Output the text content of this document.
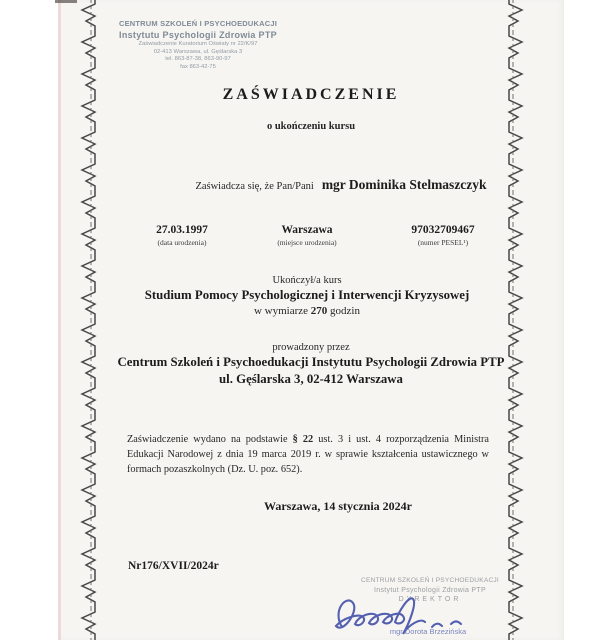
CENTRUM SZKOLEŃ I PSYCHOEDUKACJI
Instytutu Psychologii Zdrowia PTP
Zaświadczenie Kuratorium Oświaty nr 22/K/97
02-413 Warszawa, ul. Gęślarska 3
tel. 863-87-38, 863-90-97
fax 863-42-75
ZAŚWIADCZENIE
o ukończeniu kursu
Zaświadcza się, że Pan/Pani mgr Dominika Stelmaszczyk
27.03.1997
(data urodzenia)
Warszawa
(miejsce urodzenia)
97032709467
(numer PESEL¹)
Ukończył/a kurs
Studium Pomocy Psychologicznej i Interwencji Kryzysowej
w wymiarze 270 godzin
prowadzony przez
Centrum Szkoleń i Psychoedukacji Instytutu Psychologii Zdrowia PTP
ul. Gęślarska 3, 02-412 Warszawa

Zaświadczenie wydano na podstawie § 22 ust. 3 i ust. 4 rozporządzenia Ministra Edukacji Narodowej z dnia 19 marca 2019 r. w sprawie kształcenia ustawicznego w formach pozaszkolnych (Dz. U. poz. 652).

Warszawa, 14 stycznia 2024r
Nr176/XVII/2024r
CENTRUM SZKOLEŃ I PSYCHOEDUKACJI
Instytut Psychologii Zdrowia PTP
DYREKTOR
mgr Dorota Brzezińska
